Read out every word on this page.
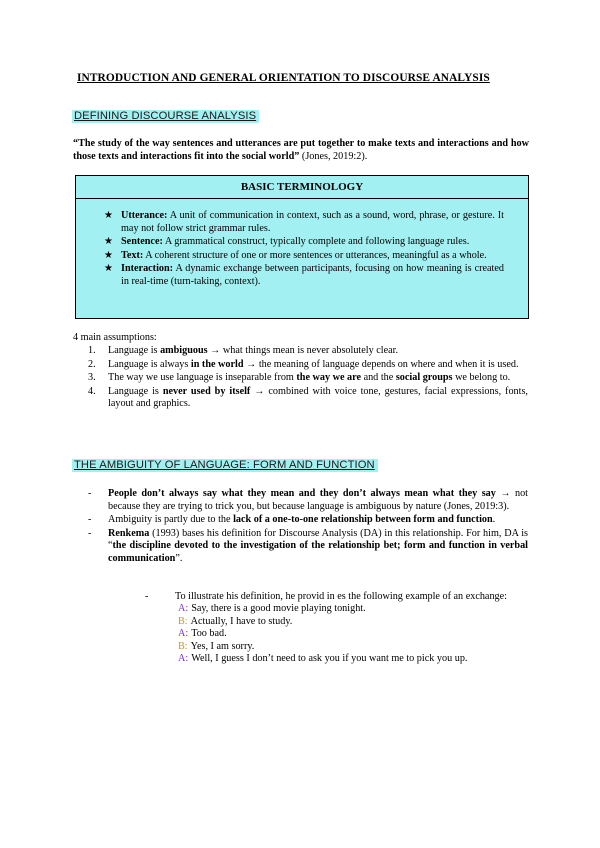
INTRODUCTION AND GENERAL ORIENTATION TO DISCOURSE ANALYSIS
DEFINING DISCOURSE ANALYSIS
“The study of the way sentences and utterances are put together to make texts and interactions and how those texts and interactions fit into the social world” (Jones, 2019:2).
BASIC TERMINOLOGY
★ Utterance: A unit of communication in context, such as a sound, word, phrase, or gesture. It may not follow strict grammar rules.
★ Sentence: A grammatical construct, typically complete and following language rules.
★ Text: A coherent structure of one or more sentences or utterances, meaningful as a whole.
★ Interaction: A dynamic exchange between participants, focusing on how meaning is created in real-time (turn-taking, context).
4 main assumptions:
1. Language is ambiguous → what things mean is never absolutely clear.
2. Language is always in the world → the meaning of language depends on where and when it is used.
3. The way we use language is inseparable from the way we are and the social groups we belong to.
4. Language is never used by itself → combined with voice tone, gestures, facial expressions, fonts, layout and graphics.
THE AMBIGUITY OF LANGUAGE: FORM AND FUNCTION
- People don’t always say what they mean and they don’t always mean what they say → not because they are trying to trick you, but because language is ambiguous by nature (Jones, 2019:3).
- Ambiguity is partly due to the lack of a one-to-one relationship between form and function.
- Renkema (1993) bases his definition for Discourse Analysis (DA) in this relationship. For him, DA is “the discipline devoted to the investigation of the relationship bet; form and function in verbal communication”.
-	To illustrate his definition, he provid in es the following example of an exchange:
A: Say, there is a good movie playing tonight.
B: Actually, I have to study.
A: Too bad.
B: Yes, I am sorry.
A: Well, I guess I don’t need to ask you if you want me to pick you up.
